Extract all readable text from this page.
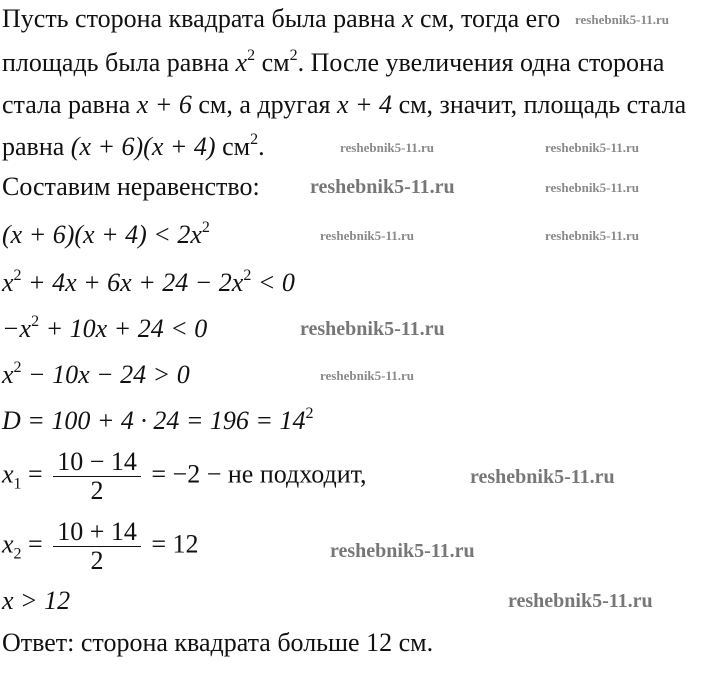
Пусть сторона квадрата была равна x см, тогда его
площадь была равна $x^2$ $см^2$. После увеличения одна сторона
стала равна x + 6 см, а другая x + 4 см, значит, площадь стала
равна (x + 6)(x + 4) $см^2$.
Составим неравенство:
$(x + 6)(x + 4) < 2x^2$
$x^2 + 4x + 6x + 24 - 2x^2 < 0$
$-x^2 + 10x + 24 < 0$
$x^2 - 10x - 24 > 0$
$D = 100 + 4 \cdot 24 = 196 = 14^2$
$x_1 = \frac{10 - 14}{2} = -2$ − не подходит,
$x_2 = \frac{10 + 14}{2} = 12$
x > 12
Ответ: сторона квадрата больше 12 см.
reshebnik5-11.ru
reshebnik5-11.ru	reshebnik5-11.ru
reshebnik5-11.ru	reshebnik5-11.ru
reshebnik5-11.ru	reshebnik5-11.ru
reshebnik5-11.ru
reshebnik5-11.ru
reshebnik5-11.ru
reshebnik5-11.ru
reshebnik5-11.ru
